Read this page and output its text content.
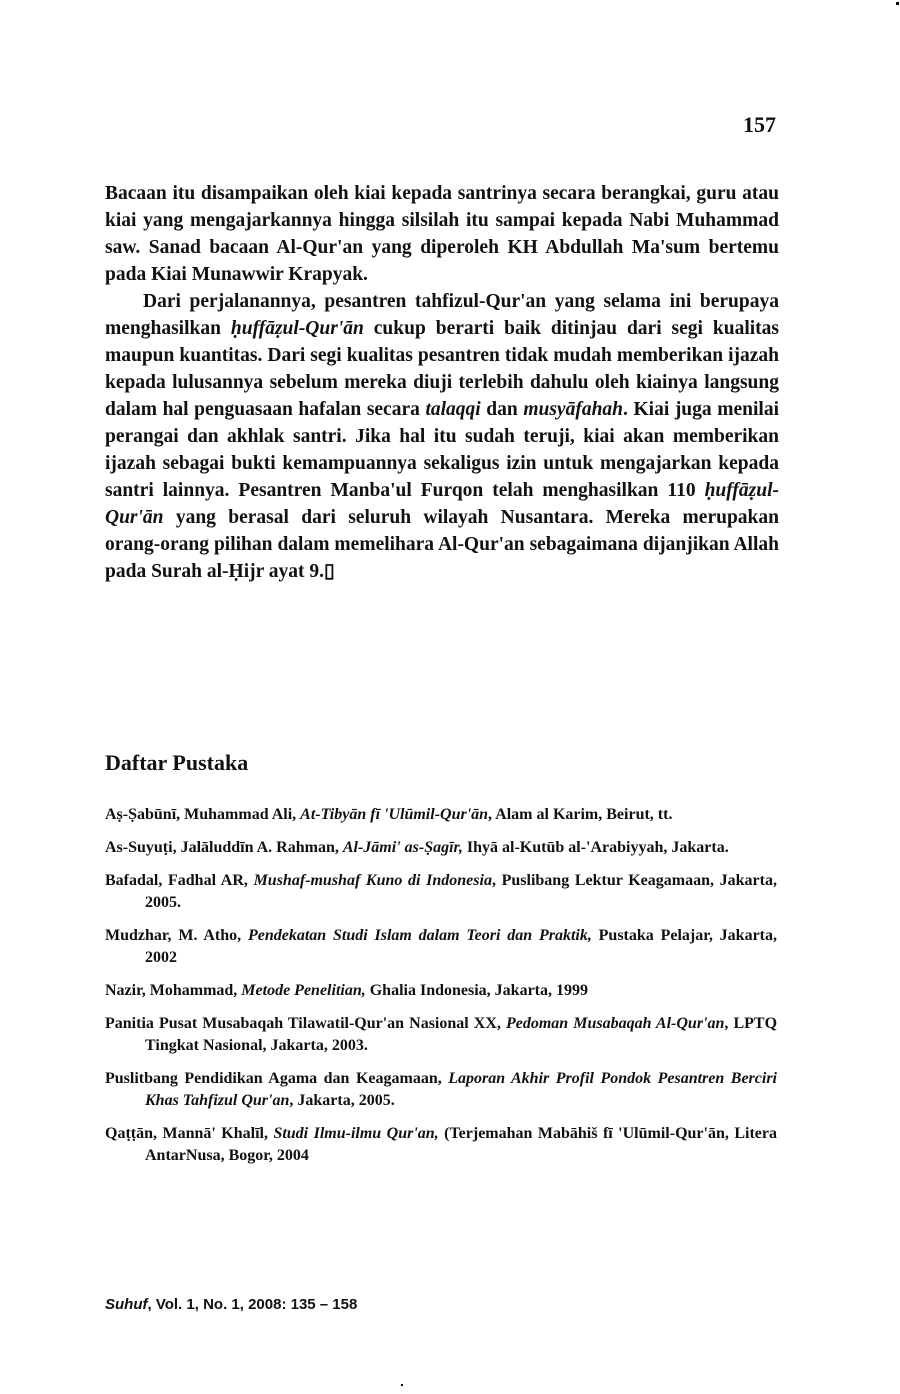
157

Bacaan itu disampaikan oleh kiai kepada santrinya secara berangkai, guru atau kiai yang mengajarkannya hingga silsilah itu sampai kepada Nabi Muhammad saw. Sanad bacaan Al-Qur'an yang diperoleh KH Abdullah Ma'sum bertemu pada Kiai Munawwir Krapyak.

Dari perjalanannya, pesantren tahfizul-Qur'an yang selama ini berupaya menghasilkan ḥuffāẓul-Qur'ān cukup berarti baik ditinjau dari segi kualitas maupun kuantitas. Dari segi kualitas pesantren tidak mudah memberikan ijazah kepada lulusannya sebelum mereka diuji terlebih dahulu oleh kiainya langsung dalam hal penguasaan hafalan secara talaqqi dan musyāfahah. Kiai juga menilai perangai dan akhlak santri. Jika hal itu sudah teruji, kiai akan memberikan ijazah sebagai bukti kemampuannya sekaligus izin untuk mengajarkan kepada santri lainnya. Pesantren Manba'ul Furqon telah menghasilkan 110 ḥuffāẓul-Qur'ān yang berasal dari seluruh wilayah Nusantara. Mereka merupakan orang-orang pilihan dalam memelihara Al-Qur'an sebagaimana dijanjikan Allah pada Surah al-Ḥijr ayat 9.▯

Daftar Pustaka
Aṣ-Ṣabūnī, Muhammad Ali, At-Tibyān fī 'Ulūmil-Qur'ān, Alam al Karim, Beirut, tt.
As-Suyuṭi, Jalāluddīn A. Rahman, Al-Jāmi' as-Ṣagīr, Ihyā al-Kutūb al-'Arabiyyah, Jakarta.
Bafadal, Fadhal AR, Mushaf-mushaf Kuno di Indonesia, Puslibang Lektur Keagamaan, Jakarta, 2005.
Mudzhar, M. Atho, Pendekatan Studi Islam dalam Teori dan Praktik, Pustaka Pelajar, Jakarta, 2002
Nazir, Mohammad, Metode Penelitian, Ghalia Indonesia, Jakarta, 1999
Panitia Pusat Musabaqah Tilawatil-Qur'an Nasional XX, Pedoman Musabaqah Al-Qur'an, LPTQ Tingkat Nasional, Jakarta, 2003.
Puslitbang Pendidikan Agama dan Keagamaan, Laporan Akhir Profil Pondok Pesantren Berciri Khas Tahfizul Qur'an, Jakarta, 2005.
Qaṭṭān, Mannā' Khalīl, Studi Ilmu-ilmu Qur'an, (Terjemahan Mabāhiš fī 'Ulūmil-Qur'ān, Litera AntarNusa, Bogor, 2004
Suhuf, Vol. 1, No. 1, 2008: 135 – 158
